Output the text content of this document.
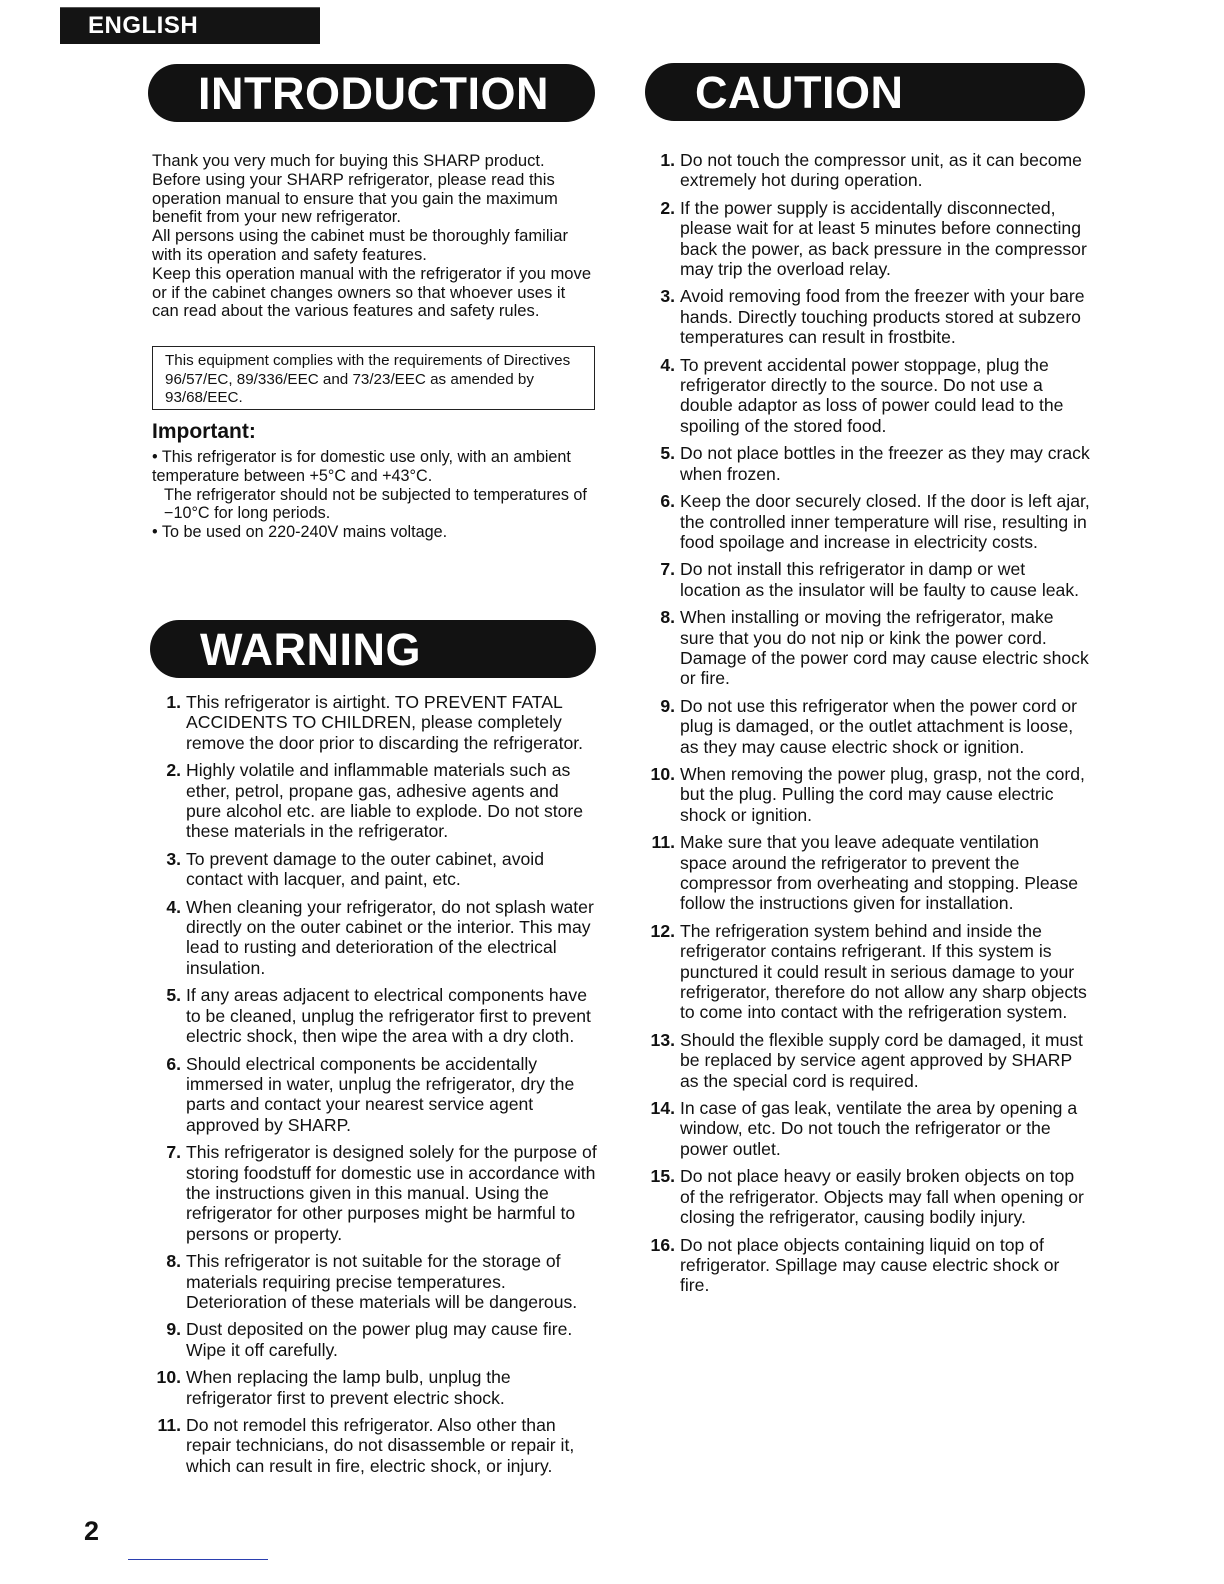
ENGLISH
INTRODUCTION	CAUTION

Thank you very much for buying this SHARP product. Before using your SHARP refrigerator, please read this operation manual to ensure that you gain the maximum benefit from your new refrigerator.

All persons using the cabinet must be thoroughly familiar with its operation and safety features.

Keep this operation manual with the refrigerator if you move or if the cabinet changes owners so that whoever uses it can read about the various features and safety rules.

This equipment complies with the requirements of Directives 96/57/EC, 89/336/EEC and 73/23/EEC as amended by 93/68/EEC.
Important:

• This refrigerator is for domestic use only, with an ambient temperature between +5°C and +43°C.

The refrigerator should not be subjected to temperatures of −10°C for long periods.

• To be used on 220-240V mains voltage.

WARNING
1. This refrigerator is airtight. TO PREVENT FATAL ACCIDENTS TO CHILDREN, please completely remove the door prior to discarding the refrigerator.
2. Highly volatile and inflammable materials such as ether, petrol, propane gas, adhesive agents and pure alcohol etc. are liable to explode. Do not store these materials in the refrigerator.
3. To prevent damage to the outer cabinet, avoid contact with lacquer, and paint, etc.
4. When cleaning your refrigerator, do not splash water directly on the outer cabinet or the interior. This may lead to rusting and deterioration of the electrical insulation.
5. If any areas adjacent to electrical components have to be cleaned, unplug the refrigerator first to prevent electric shock, then wipe the area with a dry cloth.
6. Should electrical components be accidentally immersed in water, unplug the refrigerator, dry the parts and contact your nearest service agent approved by SHARP.
7. This refrigerator is designed solely for the purpose of storing foodstuff for domestic use in accordance with the instructions given in this manual. Using the refrigerator for other purposes might be harmful to persons or property.
8. This refrigerator is not suitable for the storage of materials requiring precise temperatures. Deterioration of these materials will be dangerous.
9. Dust deposited on the power plug may cause fire. Wipe it off carefully.
10. When replacing the lamp bulb, unplug the refrigerator first to prevent electric shock.
11. Do not remodel this refrigerator. Also other than repair technicians, do not disassemble or repair it, which can result in fire, electric shock, or injury.
1. Do not touch the compressor unit, as it can become extremely hot during operation.
2. If the power supply is accidentally disconnected, please wait for at least 5 minutes before connecting back the power, as back pressure in the compressor may trip the overload relay.
3. Avoid removing food from the freezer with your bare hands. Directly touching products stored at subzero temperatures can result in frostbite.
4. To prevent accidental power stoppage, plug the refrigerator directly to the source. Do not use a double adaptor as loss of power could lead to the spoiling of the stored food.
5. Do not place bottles in the freezer as they may crack when frozen.
6. Keep the door securely closed. If the door is left ajar, the controlled inner temperature will rise, resulting in food spoilage and increase in electricity costs.
7. Do not install this refrigerator in damp or wet location as the insulator will be faulty to cause leak.
8. When installing or moving the refrigerator, make sure that you do not nip or kink the power cord. Damage of the power cord may cause electric shock or fire.
9. Do not use this refrigerator when the power cord or plug is damaged, or the outlet attachment is loose, as they may cause electric shock or ignition.
10. When removing the power plug, grasp, not the cord, but the plug. Pulling the cord may cause electric shock or ignition.
11. Make sure that you leave adequate ventilation space around the refrigerator to prevent the compressor from overheating and stopping. Please follow the instructions given for installation.
12. The refrigeration system behind and inside the refrigerator contains refrigerant. If this system is punctured it could result in serious damage to your refrigerator, therefore do not allow any sharp objects to come into contact with the refrigeration system.
13. Should the flexible supply cord be damaged, it must be replaced by service agent approved by SHARP as the special cord is required.
14. In case of gas leak, ventilate the area by opening a window, etc. Do not touch the refrigerator or the power outlet.
15. Do not place heavy or easily broken objects on top of the refrigerator. Objects may fall when opening or closing the refrigerator, causing bodily injury.
16. Do not place objects containing liquid on top of refrigerator. Spillage may cause electric shock or fire.
2
